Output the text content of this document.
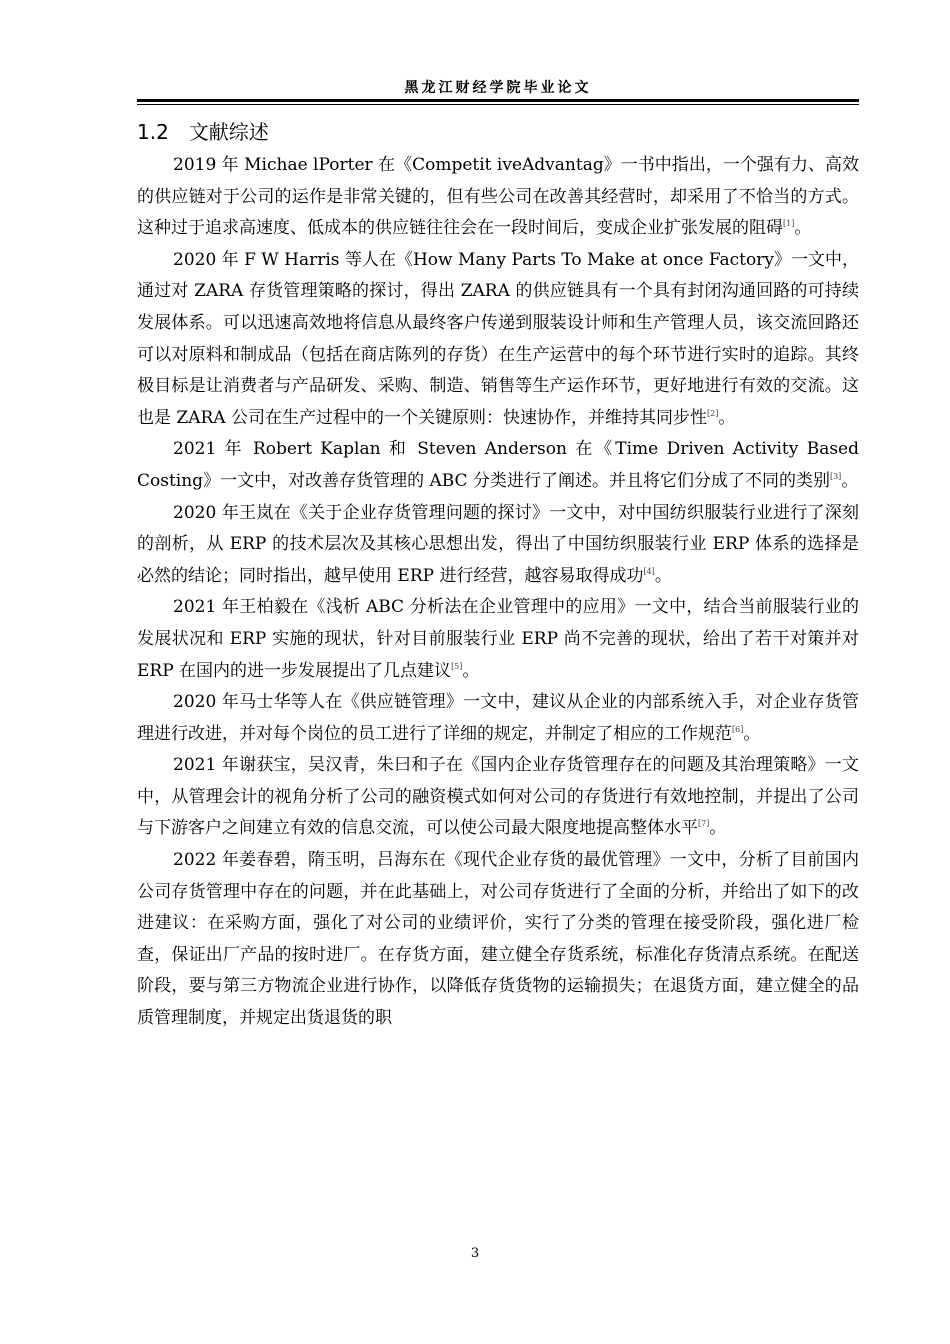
黑龙江财经学院毕业论文
1.2 文献综述

2019 年 Michae lPorter 在《Competit iveAdvantag》一书中指出，一个强有力、高效的供应链对于公司的运作是非常关键的，但有些公司在改善其经营时，却采用了不恰当的方式。这种过于追求高速度、低成本的供应链往往会在一段时间后，变成企业扩张发展的阻碍[1]。

2020 年 F W Harris 等人在《How Many Parts To Make at once Factory》一文中，通过对 ZARA 存货管理策略的探讨，得出 ZARA 的供应链具有一个具有封闭沟通回路的可持续发展体系。可以迅速高效地将信息从最终客户传递到服装设计师和生产管理人员，该交流回路还可以对原料和制成品（包括在商店陈列的存货）在生产运营中的每个环节进行实时的追踪。其终极目标是让消费者与产品研发、采购、制造、销售等生产运作环节，更好地进行有效的交流。这也是 ZARA 公司在生产过程中的一个关键原则：快速协作，并维持其同步性[2]。

2021 年 Robert Kaplan 和 Steven Anderson 在《Time Driven Activity Based Costing》一文中，对改善存货管理的 ABC 分类进行了阐述。并且将它们分成了不同的类别[3]。

2020 年王岚在《关于企业存货管理问题的探讨》一文中，对中国纺织服装行业进行了深刻的剖析，从 ERP 的技术层次及其核心思想出发，得出了中国纺织服装行业 ERP 体系的选择是必然的结论；同时指出，越早使用 ERP 进行经营，越容易取得成功[4]。

2021 年王柏毅在《浅析 ABC 分析法在企业管理中的应用》一文中，结合当前服装行业的发展状况和 ERP 实施的现状，针对目前服装行业 ERP 尚不完善的现状，给出了若干对策并对 ERP 在国内的进一步发展提出了几点建议[5]。

2020 年马士华等人在《供应链管理》一文中，建议从企业的内部系统入手，对企业存货管理进行改进，并对每个岗位的员工进行了详细的规定，并制定了相应的工作规范[6]。

2021 年谢获宝，吴汉青，朱曰和子在《国内企业存货管理存在的问题及其治理策略》一文中，从管理会计的视角分析了公司的融资模式如何对公司的存货进行有效地控制，并提出了公司与下游客户之间建立有效的信息交流，可以使公司最大限度地提高整体水平[7]。

2022 年姜春碧，隋玉明，吕海东在《现代企业存货的最优管理》一文中，分析了目前国内公司存货管理中存在的问题，并在此基础上，对公司存货进行了全面的分析，并给出了如下的改进建议：在采购方面，强化了对公司的业绩评价，实行了分类的管理在接受阶段，强化进厂检查，保证出厂产品的按时进厂。在存货方面，建立健全存货系统，标准化存货清点系统。在配送阶段，要与第三方物流企业进行协作，以降低存货货物的运输损失；在退货方面，建立健全的品质管理制度，并规定出货退货的职

3
